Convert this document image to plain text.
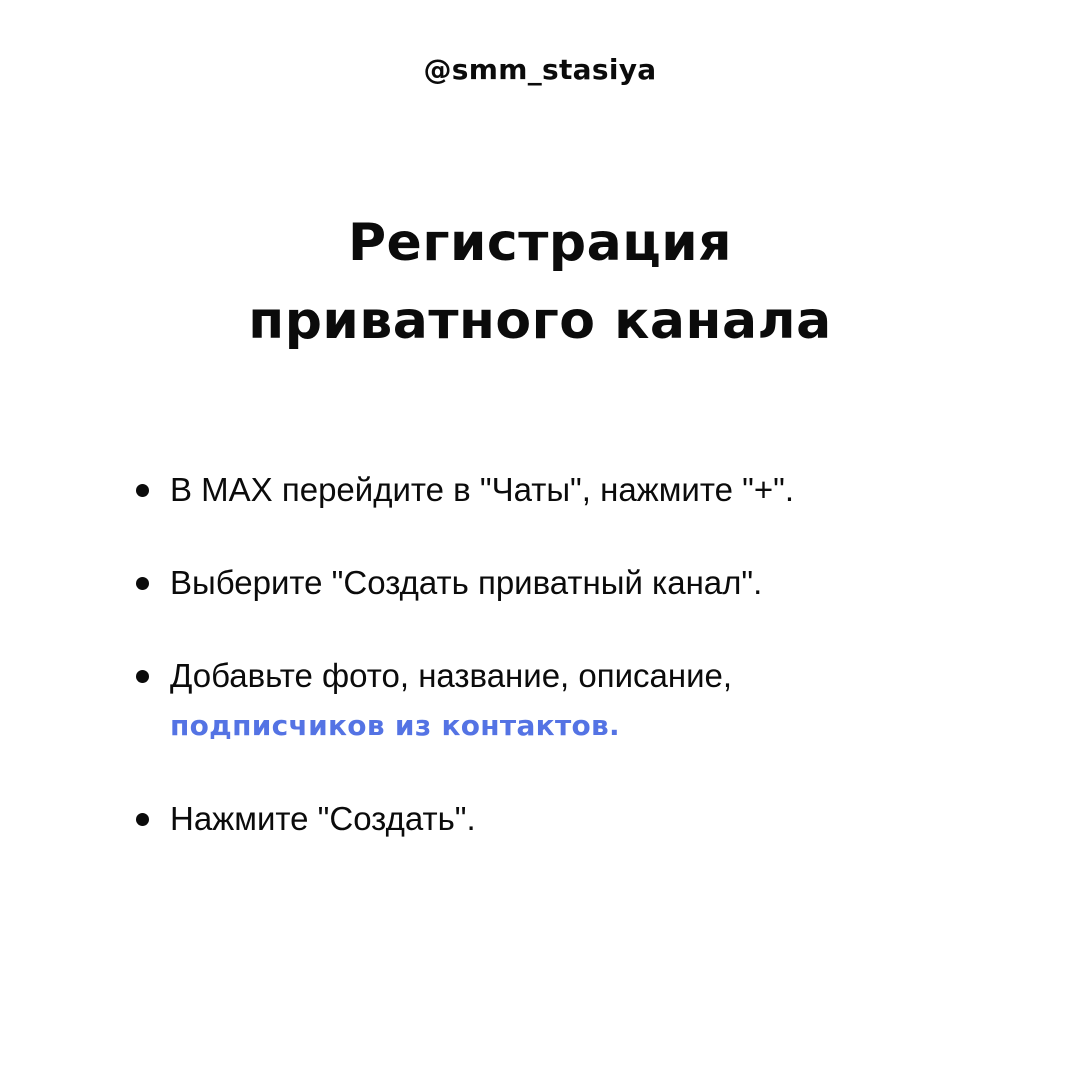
@smm_stasiya

Регистрация
приватного канала
В MAX перейдите в "Чаты", нажмите "+".
Выберите "Создать приватный канал".
Добавьте фото, название, описание,
подписчиков из контактов.
Нажмите "Создать".
